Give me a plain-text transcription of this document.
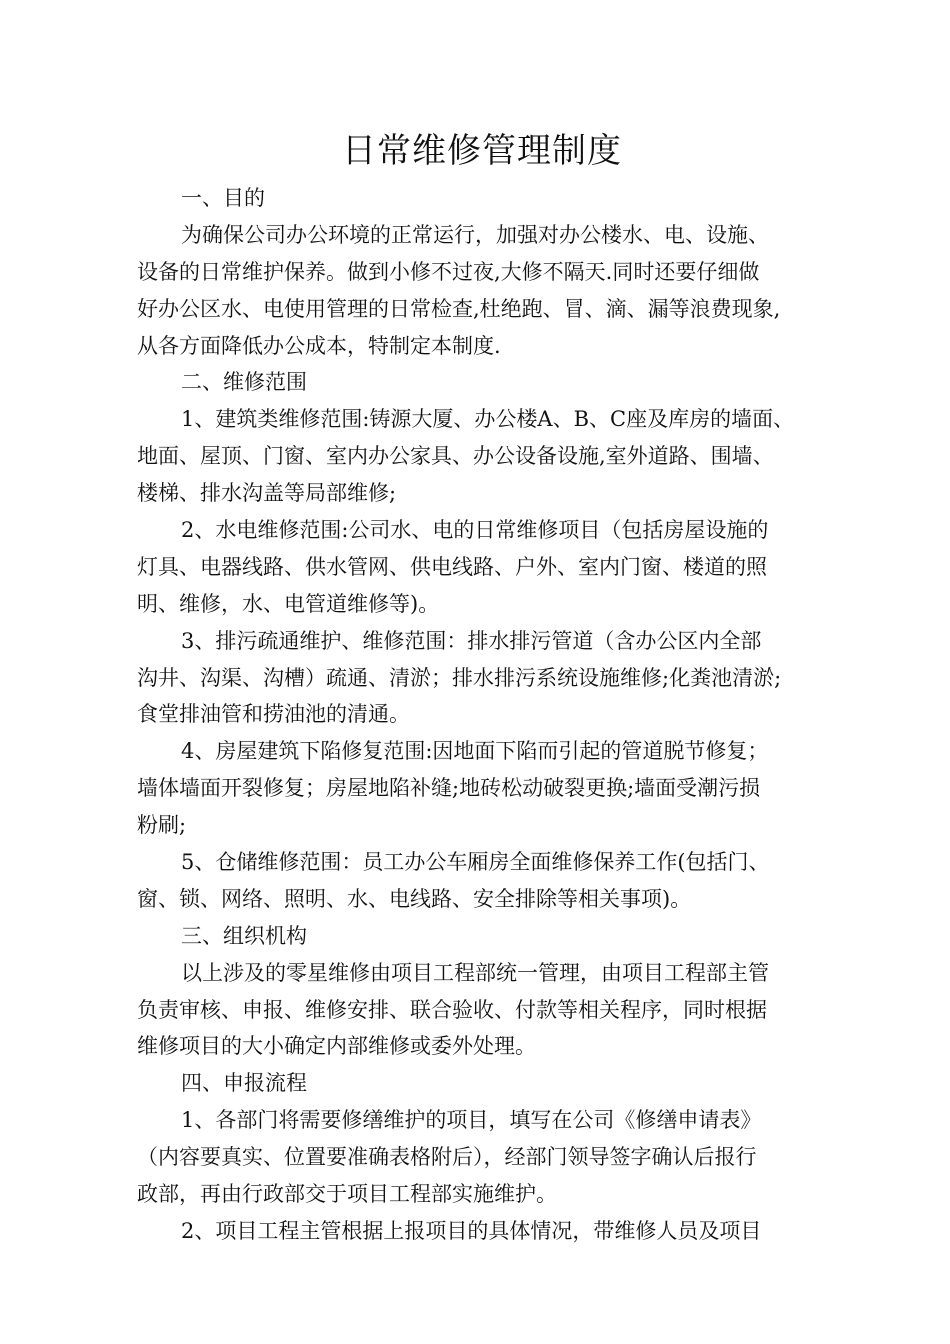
日常维修管理制度
一、目的
为确保公司办公环境的正常运行，加强对办公楼水、电、设施、
设备的日常维护保养。做到小修不过夜,大修不隔天.同时还要仔细做
好办公区水、电使用管理的日常检查,杜绝跑、冒、滴、漏等浪费现象,
从各方面降低办公成本，特制定本制度.
二、维修范围
1、建筑类维修范围:铸源大厦、办公楼A、B、C座及库房的墙面、
地面、屋顶、门窗、室内办公家具、办公设备设施,室外道路、围墙、
楼梯、排水沟盖等局部维修;
2、水电维修范围:公司水、电的日常维修项目（包括房屋设施的
灯具、电器线路、供水管网、供电线路、户外、室内门窗、楼道的照
明、维修，水、电管道维修等)。
3、排污疏通维护、维修范围：排水排污管道（含办公区内全部
沟井、沟渠、沟槽）疏通、清淤；排水排污系统设施维修;化粪池清淤;
食堂排油管和捞油池的清通。
4、房屋建筑下陷修复范围:因地面下陷而引起的管道脱节修复；
墙体墙面开裂修复；房屋地陷补缝;地砖松动破裂更换;墙面受潮污损
粉刷;
5、仓储维修范围：员工办公车厢房全面维修保养工作(包括门、
窗、锁、网络、照明、水、电线路、安全排除等相关事项)。
三、组织机构
以上涉及的零星维修由项目工程部统一管理，由项目工程部主管
负责审核、申报、维修安排、联合验收、付款等相关程序，同时根据
维修项目的大小确定内部维修或委外处理。
四、申报流程
1、各部门将需要修缮维护的项目，填写在公司《修缮申请表》
（内容要真实、位置要准确表格附后），经部门领导签字确认后报行
政部，再由行政部交于项目工程部实施维护。
2、项目工程主管根据上报项目的具体情况，带维修人员及项目
